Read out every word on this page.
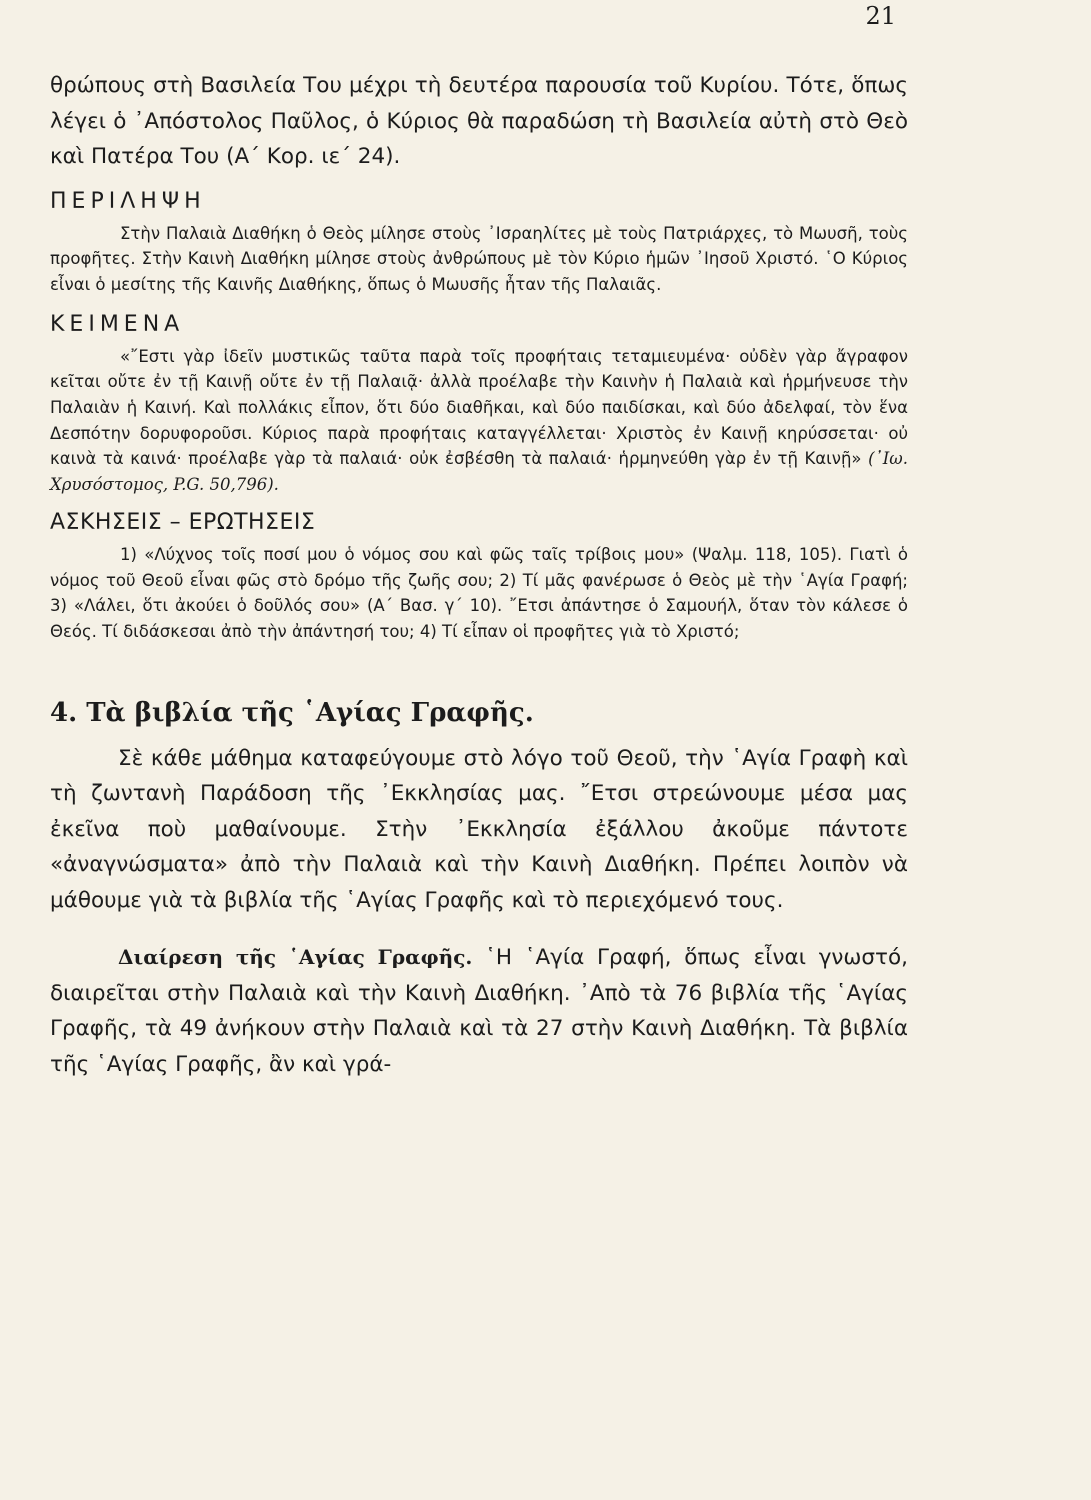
21

θρώπους στὴ Βασιλεία Του μέχρι τὴ δευτέρα παρουσία τοῦ Κυρίου. Τότε, ὅπως λέγει ὁ ᾿Απόστολος Παῦλος, ὁ Κύριος θὰ παραδώση τὴ Βασιλεία αὐτὴ στὸ Θεὸ καὶ Πατέρα Του (Α΄ Κορ. ιε΄ 24).

ΠΕΡΙΛΗΨΗ

Στὴν Παλαιὰ Διαθήκη ὁ Θεὸς μίλησε στοὺς ᾿Ισραηλίτες μὲ τοὺς Πατριάρχες, τὸ Μωυσῆ, τοὺς προφῆτες. Στὴν Καινὴ Διαθήκη μίλησε στοὺς ἀνθρώπους μὲ τὸν Κύριο ἡμῶν ᾿Ιησοῦ Χριστό. ῾Ο Κύριος εἶναι ὁ μεσίτης τῆς Καινῆς Διαθήκης, ὅπως ὁ Μωυσῆς ἦταν τῆς Παλαιᾶς.

ΚΕΙΜΕΝΑ

«῎Εστι γὰρ ἰδεῖν μυστικῶς ταῦτα παρὰ τοῖς προφήταις τεταμιευμένα· οὐδὲν γὰρ ἄγραφον κεῖται οὔτε ἐν τῇ Καινῇ οὔτε ἐν τῇ Παλαιᾷ· ἀλλὰ προέλαβε τὴν Καινὴν ἡ Παλαιὰ καὶ ἡρμήνευσε τὴν Παλαιὰν ἡ Καινή. Καὶ πολλάκις εἶπον, ὅτι δύο διαθῆκαι, καὶ δύο παιδίσκαι, καὶ δύο ἀδελφαί, τὸν ἕνα Δεσπότην δορυφοροῦσι. Κύριος παρὰ προφήταις καταγγέλλεται· Χριστὸς ἐν Καινῇ κηρύσσεται· οὐ καινὰ τὰ καινά· προέλαβε γὰρ τὰ παλαιά· οὐκ ἐσβέσθη τὰ παλαιά· ἡρμηνεύθη γὰρ ἐν τῇ Καινῇ» (᾿Ιω. Χρυσόστομος, P.G. 50,796).

ΑΣΚΗΣΕΙΣ – ΕΡΩΤΗΣΕΙΣ

1) «Λύχνος τοῖς ποσί μου ὁ νόμος σου καὶ φῶς ταῖς τρίβοις μου» (Ψαλμ. 118, 105). Γιατὶ ὁ νόμος τοῦ Θεοῦ εἶναι φῶς στὸ δρόμο τῆς ζωῆς σου; 2) Τί μᾶς φανέρωσε ὁ Θεὸς μὲ τὴν ῾Αγία Γραφή; 3) «Λάλει, ὅτι ἀκούει ὁ δοῦλός σου» (Α΄ Βασ. γ΄ 10). ῎Ετσι ἀπάντησε ὁ Σαμουήλ, ὅταν τὸν κάλεσε ὁ Θεός. Τί διδάσκεσαι ἀπὸ τὴν ἀπάντησή του; 4) Τί εἶπαν οἱ προφῆτες γιὰ τὸ Χριστό;

4. Τὰ βιβλία τῆς ῾Αγίας Γραφῆς.

Σὲ κάθε μάθημα καταφεύγουμε στὸ λόγο τοῦ Θεοῦ, τὴν ῾Αγία Γραφὴ καὶ τὴ ζωντανὴ Παράδοση τῆς ᾿Εκκλησίας μας. ῎Ετσι στρεώνουμε μέσα μας ἐκεῖνα ποὺ μαθαίνουμε. Στὴν ᾿Εκκλησία ἐξάλλου ἀκοῦμε πάντοτε «ἀναγνώσματα» ἀπὸ τὴν Παλαιὰ καὶ τὴν Καινὴ Διαθήκη. Πρέπει λοιπὸν νὰ μάθουμε γιὰ τὰ βιβλία τῆς ῾Αγίας Γραφῆς καὶ τὸ περιεχόμενό τους.

Διαίρεση τῆς ῾Αγίας Γραφῆς. ῾Η ῾Αγία Γραφή, ὅπως εἶναι γνωστό, διαιρεῖται στὴν Παλαιὰ καὶ τὴν Καινὴ Διαθήκη. ᾿Απὸ τὰ 76 βιβλία τῆς ῾Αγίας Γραφῆς, τὰ 49 ἀνήκουν στὴν Παλαιὰ καὶ τὰ 27 στὴν Καινὴ Διαθήκη. Τὰ βιβλία τῆς ῾Αγίας Γραφῆς, ἂν καὶ γρά-
